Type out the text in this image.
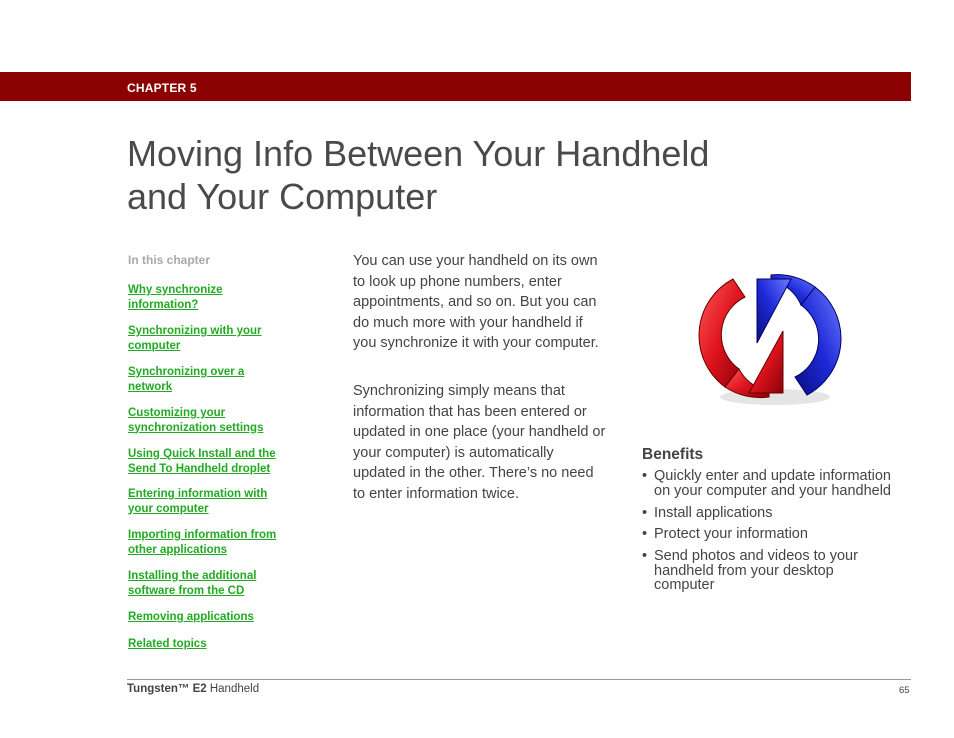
CHAPTER 5
Moving Info Between Your Handheld
and Your Computer
In this chapter
Why synchronize
information?
Synchronizing with your
computer
Synchronizing over a
network
Customizing your
synchronization settings
Using Quick Install and the
Send To Handheld droplet
Entering information with
your computer
Importing information from
other applications
Installing the additional
software from the CD
Removing applications
Related topics

You can use your handheld on its own
to look up phone numbers, enter
appointments, and so on. But you can
do much more with your handheld if
you synchronize it with your computer.

Synchronizing simply means that
information that has been entered or
updated in one place (your handheld or
your computer) is automatically
updated in the other. There’s no need
to enter information twice.

Benefits
• Quickly enter and update information
on your computer and your handheld
• Install applications
• Protect your information
• Send photos and videos to your
handheld from your desktop
computer
Tungsten™ E2 Handheld	65
